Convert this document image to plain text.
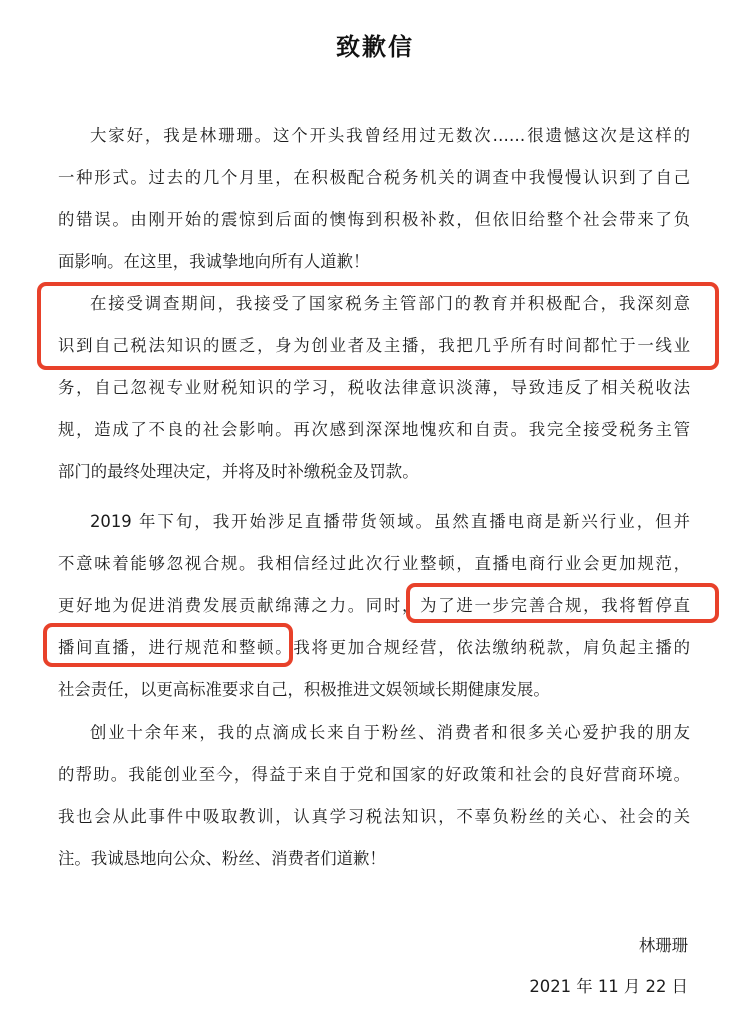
致歉信
大家好，我是林珊珊。这个开头我曾经用过无数次……很遗憾这次是这样的
一种形式。过去的几个月里，在积极配合税务机关的调查中我慢慢认识到了自己
的错误。由刚开始的震惊到后面的懊悔到积极补救，但依旧给整个社会带来了负
面影响。在这里，我诚挚地向所有人道歉！
在接受调查期间，我接受了国家税务主管部门的教育并积极配合，我深刻意
识到自己税法知识的匮乏，身为创业者及主播，我把几乎所有时间都忙于一线业
务，自己忽视专业财税知识的学习，税收法律意识淡薄，导致违反了相关税收法
规，造成了不良的社会影响。再次感到深深地愧疚和自责。我完全接受税务主管
部门的最终处理决定，并将及时补缴税金及罚款。
2019 年下旬，我开始涉足直播带货领域。虽然直播电商是新兴行业，但并
不意味着能够忽视合规。我相信经过此次行业整顿，直播电商行业会更加规范，
更好地为促进消费发展贡献绵薄之力。同时，为了进一步完善合规，我将暂停直
播间直播，进行规范和整顿。我将更加合规经营，依法缴纳税款，肩负起主播的
社会责任，以更高标准要求自己，积极推进文娱领域长期健康发展。
创业十余年来，我的点滴成长来自于粉丝、消费者和很多关心爱护我的朋友
的帮助。我能创业至今，得益于来自于党和国家的好政策和社会的良好营商环境。
我也会从此事件中吸取教训，认真学习税法知识，不辜负粉丝的关心、社会的关
注。我诚恳地向公众、粉丝、消费者们道歉！
林珊珊
2021 年 11 月 22 日
